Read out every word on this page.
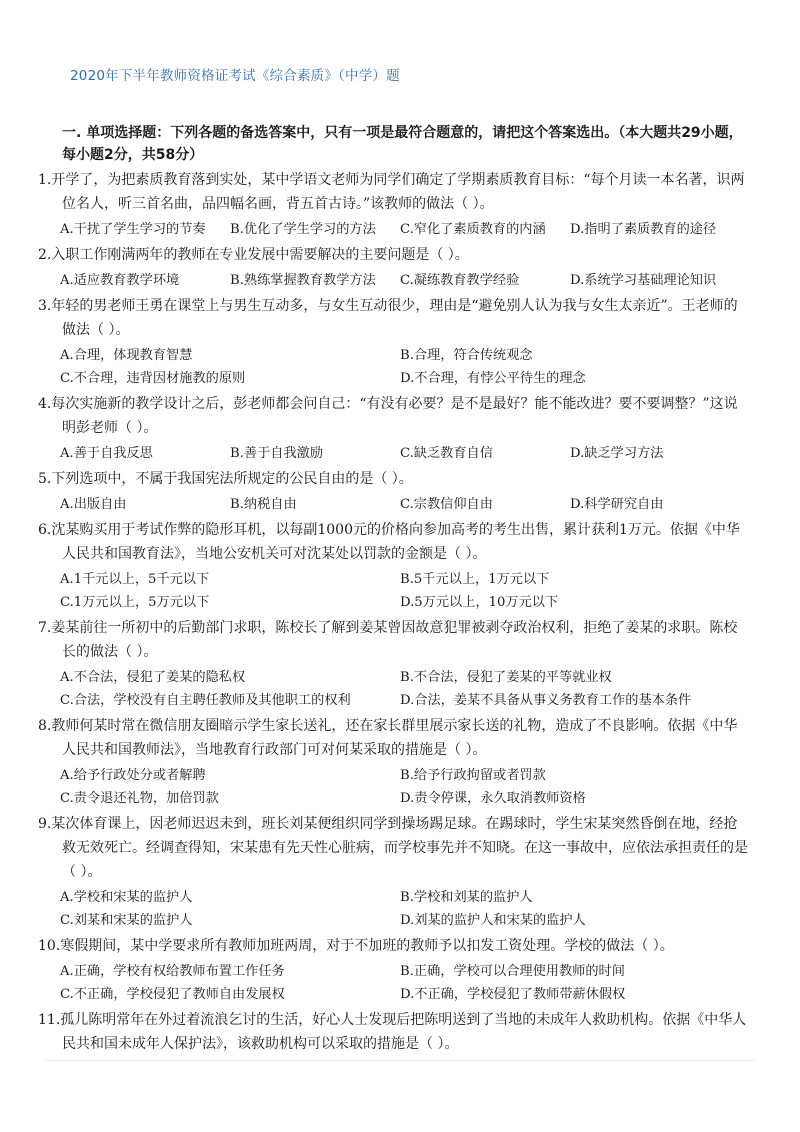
2020年下半年教师资格证考试《综合素质》（中学）题
一. 单项选择题：下列各题的备选答案中，只有一项是最符合题意的，请把这个答案选出。（本大题共29小题，每小题2分，共58分）
1.开学了，为把素质教育落到实处，某中学语文老师为同学们确定了学期素质教育目标：“每个月读一本名著，识两位名人，听三首名曲，品四幅名画，背五首古诗。”该教师的做法（ ）。
A.干扰了学生学习的节奏	B.优化了学生学习的方法	C.窄化了素质教育的内涵	D.指明了素质教育的途径
2.入职工作刚满两年的教师在专业发展中需要解决的主要问题是（ ）。
A.适应教育教学环境	B.熟练掌握教育教学方法	C.凝练教育教学经验	D.系统学习基础理论知识
3.年轻的男老师王勇在课堂上与男生互动多，与女生互动很少，理由是“避免别人认为我与女生太亲近”。王老师的做法（ ）。
A.合理，体现教育智慧	B.合理，符合传统观念
C.不合理，违背因材施教的原则	D.不合理，有悖公平待生的理念
4.每次实施新的教学设计之后，彭老师都会问自己：“有没有必要？是不是最好？能不能改进？要不要调整？”这说明彭老师（ ）。
A.善于自我反思	B.善于自我激励	C.缺乏教育自信	D.缺乏学习方法
5.下列选项中，不属于我国宪法所规定的公民自由的是（ ）。
A.出版自由	B.纳税自由	C.宗教信仰自由	D.科学研究自由
6.沈某购买用于考试作弊的隐形耳机，以每副1000元的价格向参加高考的考生出售，累计获利1万元。依据《中华人民共和国教育法》，当地公安机关可对沈某处以罚款的金额是（ ）。
A.1千元以上，5千元以下	B.5千元以上，1万元以下
C.1万元以上，5万元以下	D.5万元以上，10万元以下
7.姜某前往一所初中的后勤部门求职，陈校长了解到姜某曾因故意犯罪被剥夺政治权利，拒绝了姜某的求职。陈校长的做法（ ）。
A.不合法，侵犯了姜某的隐私权	B.不合法，侵犯了姜某的平等就业权
C.合法，学校没有自主聘任教师及其他职工的权利	D.合法，姜某不具备从事义务教育工作的基本条件
8.教师何某时常在微信朋友圈暗示学生家长送礼，还在家长群里展示家长送的礼物，造成了不良影响。依据《中华人民共和国教师法》，当地教育行政部门可对何某采取的措施是（ ）。
A.给予行政处分或者解聘	B.给予行政拘留或者罚款
C.责令退还礼物，加倍罚款	D.责令停课，永久取消教师资格
9.某次体育课上，因老师迟迟未到，班长刘某便组织同学到操场踢足球。在踢球时，学生宋某突然昏倒在地，经抢救无效死亡。经调查得知，宋某患有先天性心脏病，而学校事先并不知晓。在这一事故中，应依法承担责任的是（ ）。
A.学校和宋某的监护人	B.学校和刘某的监护人
C.刘某和宋某的监护人	D.刘某的监护人和宋某的监护人
10.寒假期间，某中学要求所有教师加班两周，对于不加班的教师予以扣发工资处理。学校的做法（ ）。
A.正确，学校有权给教师布置工作任务	B.正确，学校可以合理使用教师的时间
C.不正确，学校侵犯了教师自由发展权	D.不正确，学校侵犯了教师带薪休假权
11.孤儿陈明常年在外过着流浪乞讨的生活，好心人士发现后把陈明送到了当地的未成年人救助机构。依据《中华人民共和国未成年人保护法》，该救助机构可以采取的措施是（ ）。
